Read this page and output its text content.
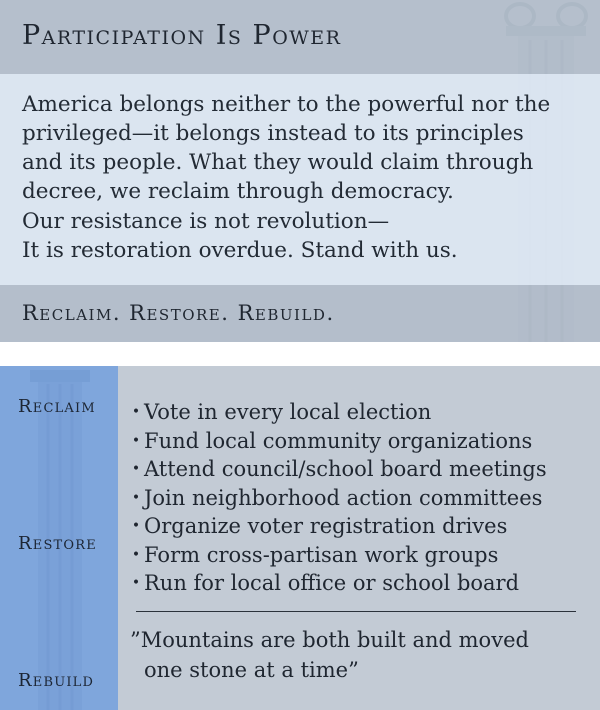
Participation Is Power
America belongs neither to the powerful nor the
privileged—it belongs instead to its principles
and its people. What they would claim through
decree, we reclaim through democracy.
Our resistance is not revolution—
It is restoration overdue. Stand with us.
Reclaim. Restore. Rebuild.
Reclaim
Restore
Rebuild
• Vote in every local election
• Fund local community organizations
• Attend council/school board meetings
• Join neighborhood action committees
• Organize voter registration drives
• Form cross-partisan work groups
• Run for local office or school board
”Mountains are both built and moved
one stone at a time”
